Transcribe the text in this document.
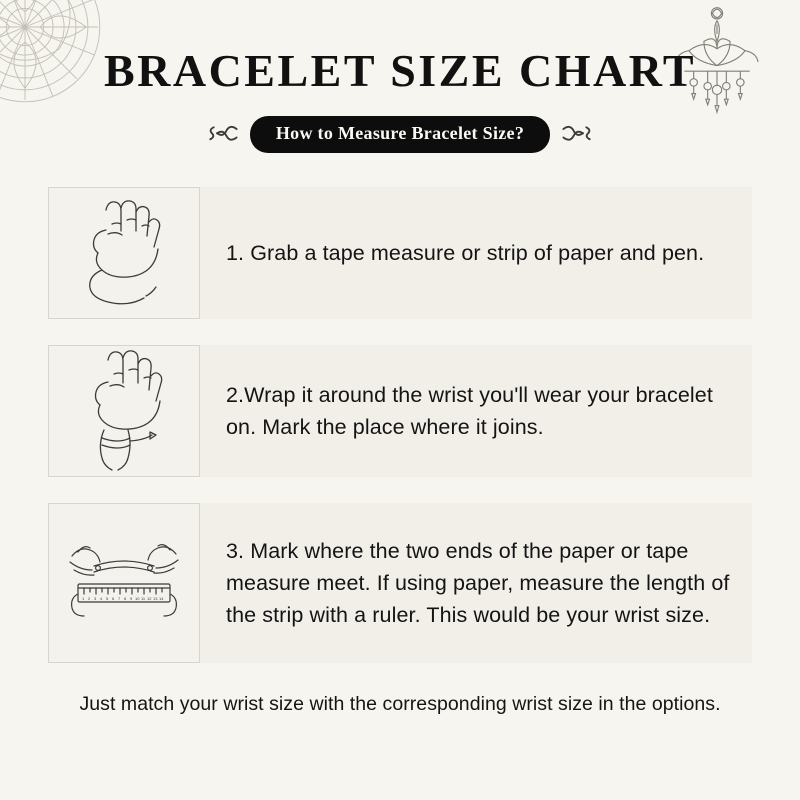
BRACELET SIZE CHART
How to Measure Bracelet Size?
1. Grab a tape measure or strip of paper and pen.
2.Wrap it around the wrist you'll wear your bracelet on. Mark the place where it joins.
1 2 3 4 5 6 7 8 9 10 11 12 13 14
3. Mark where the two ends of the paper or tape measure meet. If using paper, measure the length of the strip with a ruler. This would be your wrist size.
Just match your wrist size with the corresponding wrist size in the options.
